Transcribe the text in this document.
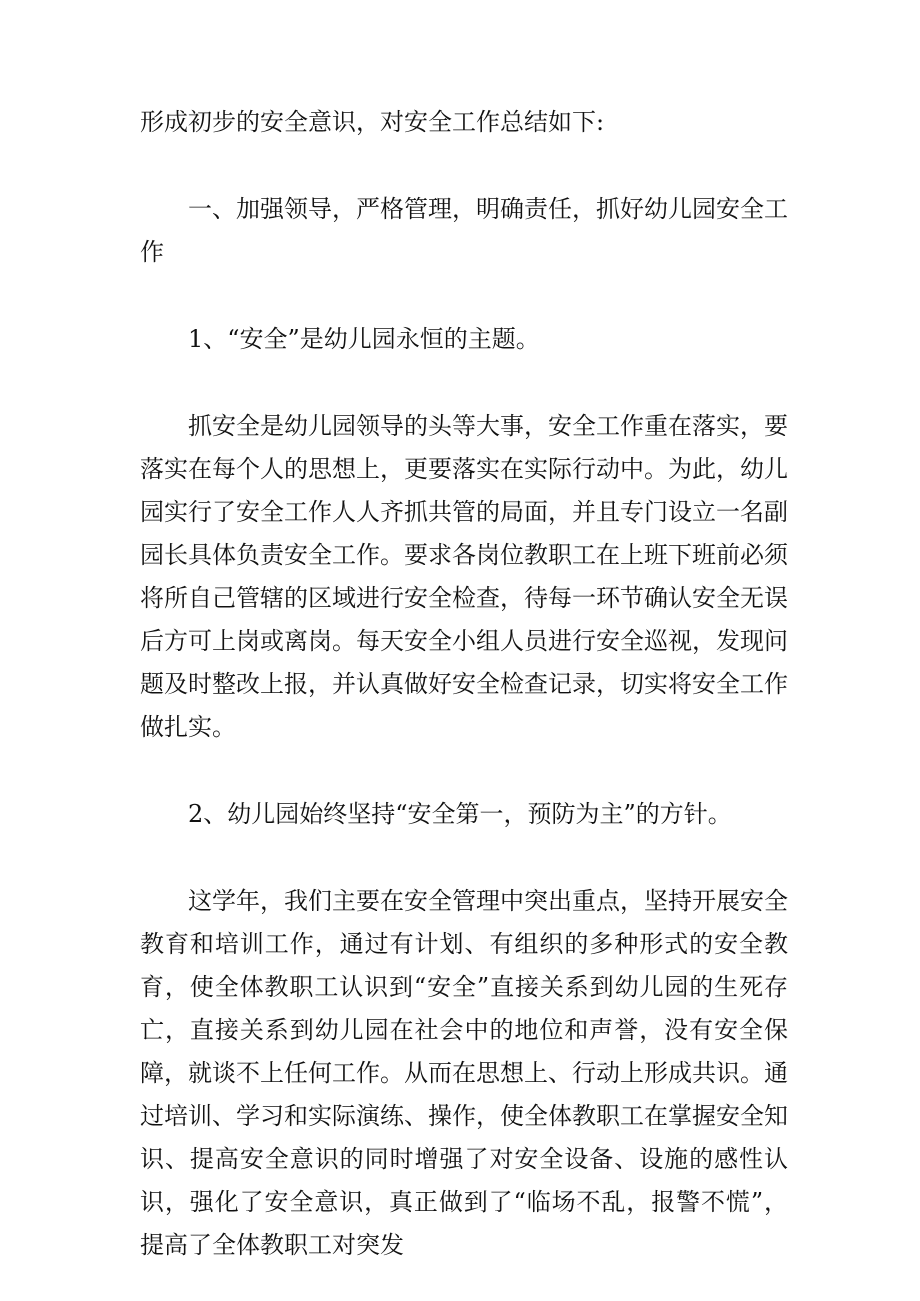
形成初步的安全意识，对安全工作总结如下:

一、加强领导，严格管理，明确责任，抓好幼儿园安全工作

1、“安全”是幼儿园永恒的主题。

抓安全是幼儿园领导的头等大事，安全工作重在落实，要落实在每个人的思想上，更要落实在实际行动中。为此，幼儿园实行了安全工作人人齐抓共管的局面，并且专门设立一名副园长具体负责安全工作。要求各岗位教职工在上班下班前必须将所自己管辖的区域进行安全检查，待每一环节确认安全无误后方可上岗或离岗。每天安全小组人员进行安全巡视，发现问题及时整改上报，并认真做好安全检查记录，切实将安全工作做扎实。

2、幼儿园始终坚持“安全第一，预防为主”的方针。

这学年，我们主要在安全管理中突出重点，坚持开展安全教育和培训工作，通过有计划、有组织的多种形式的安全教育，使全体教职工认识到“安全”直接关系到幼儿园的生死存亡，直接关系到幼儿园在社会中的地位和声誉，没有安全保障，就谈不上任何工作。从而在思想上、行动上形成共识。通过培训、学习和实际演练、操作，使全体教职工在掌握安全知识、提高安全意识的同时增强了对安全设备、设施的感性认识，强化了安全意识，真正做到了“临场不乱，报警不慌”，提高了全体教职工对突发
